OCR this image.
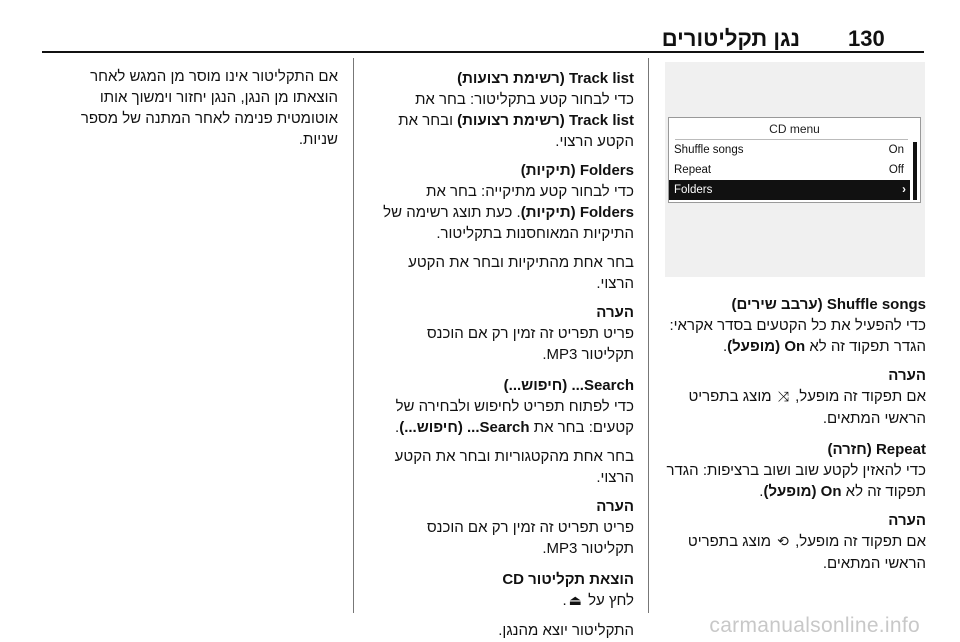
130
נגן תקליטורים
CD menu
Shuffle songs	On
Repeat	Off
Folders	›
Shuffle songs (ערבב שירים)

כדי להפעיל את כל הקטעים בסדר אקראי: הגדר תפקוד זה לא On (מופעל).

הערה

אם תפקוד זה מופעל, ⤨ מוצג בתפריט הראשי המתאים.

Repeat (חזרה)

כדי להאזין לקטע שוב ושוב ברציפות: הגדר תפקוד זה לא On (מופעל).

הערה

אם תפקוד זה מופעל, ⟲ מוצג בתפריט הראשי המתאים.

Track list (רשימת רצועות)

כדי לבחור קטע בתקליטור: בחר את Track list (רשימת רצועות) ובחר את הקטע הרצוי.

Folders (תיקיות)

כדי לבחור קטע מתיקייה: בחר את Folders (תיקיות). כעת תוצג רשימה של התיקיות המאוחסנות בתקליטור.

בחר אחת מהתיקיות ובחר את הקטע הרצוי.

הערה

פריט תפריט זה זמין רק אם הוכנס תקליטור MP3.

Search... (חיפוש...)

כדי לפתוח תפריט לחיפוש ולבחירה של קטעים: בחר את Search... (חיפוש...).

בחר אחת מהקטגוריות ובחר את הקטע הרצוי.

הערה

פריט תפריט זה זמין רק אם הוכנס תקליטור MP3.

הוצאת תקליטור CD

לחץ על ⏏.

התקליטור יוצא מהנגן.

אם התקליטור אינו מוסר מן המגש לאחר הוצאתו מן הנגן, הנגן יחזור וימשוך אותו אוטומטית פנימה לאחר המתנה של מספר שניות.

carmanualsonline.info
